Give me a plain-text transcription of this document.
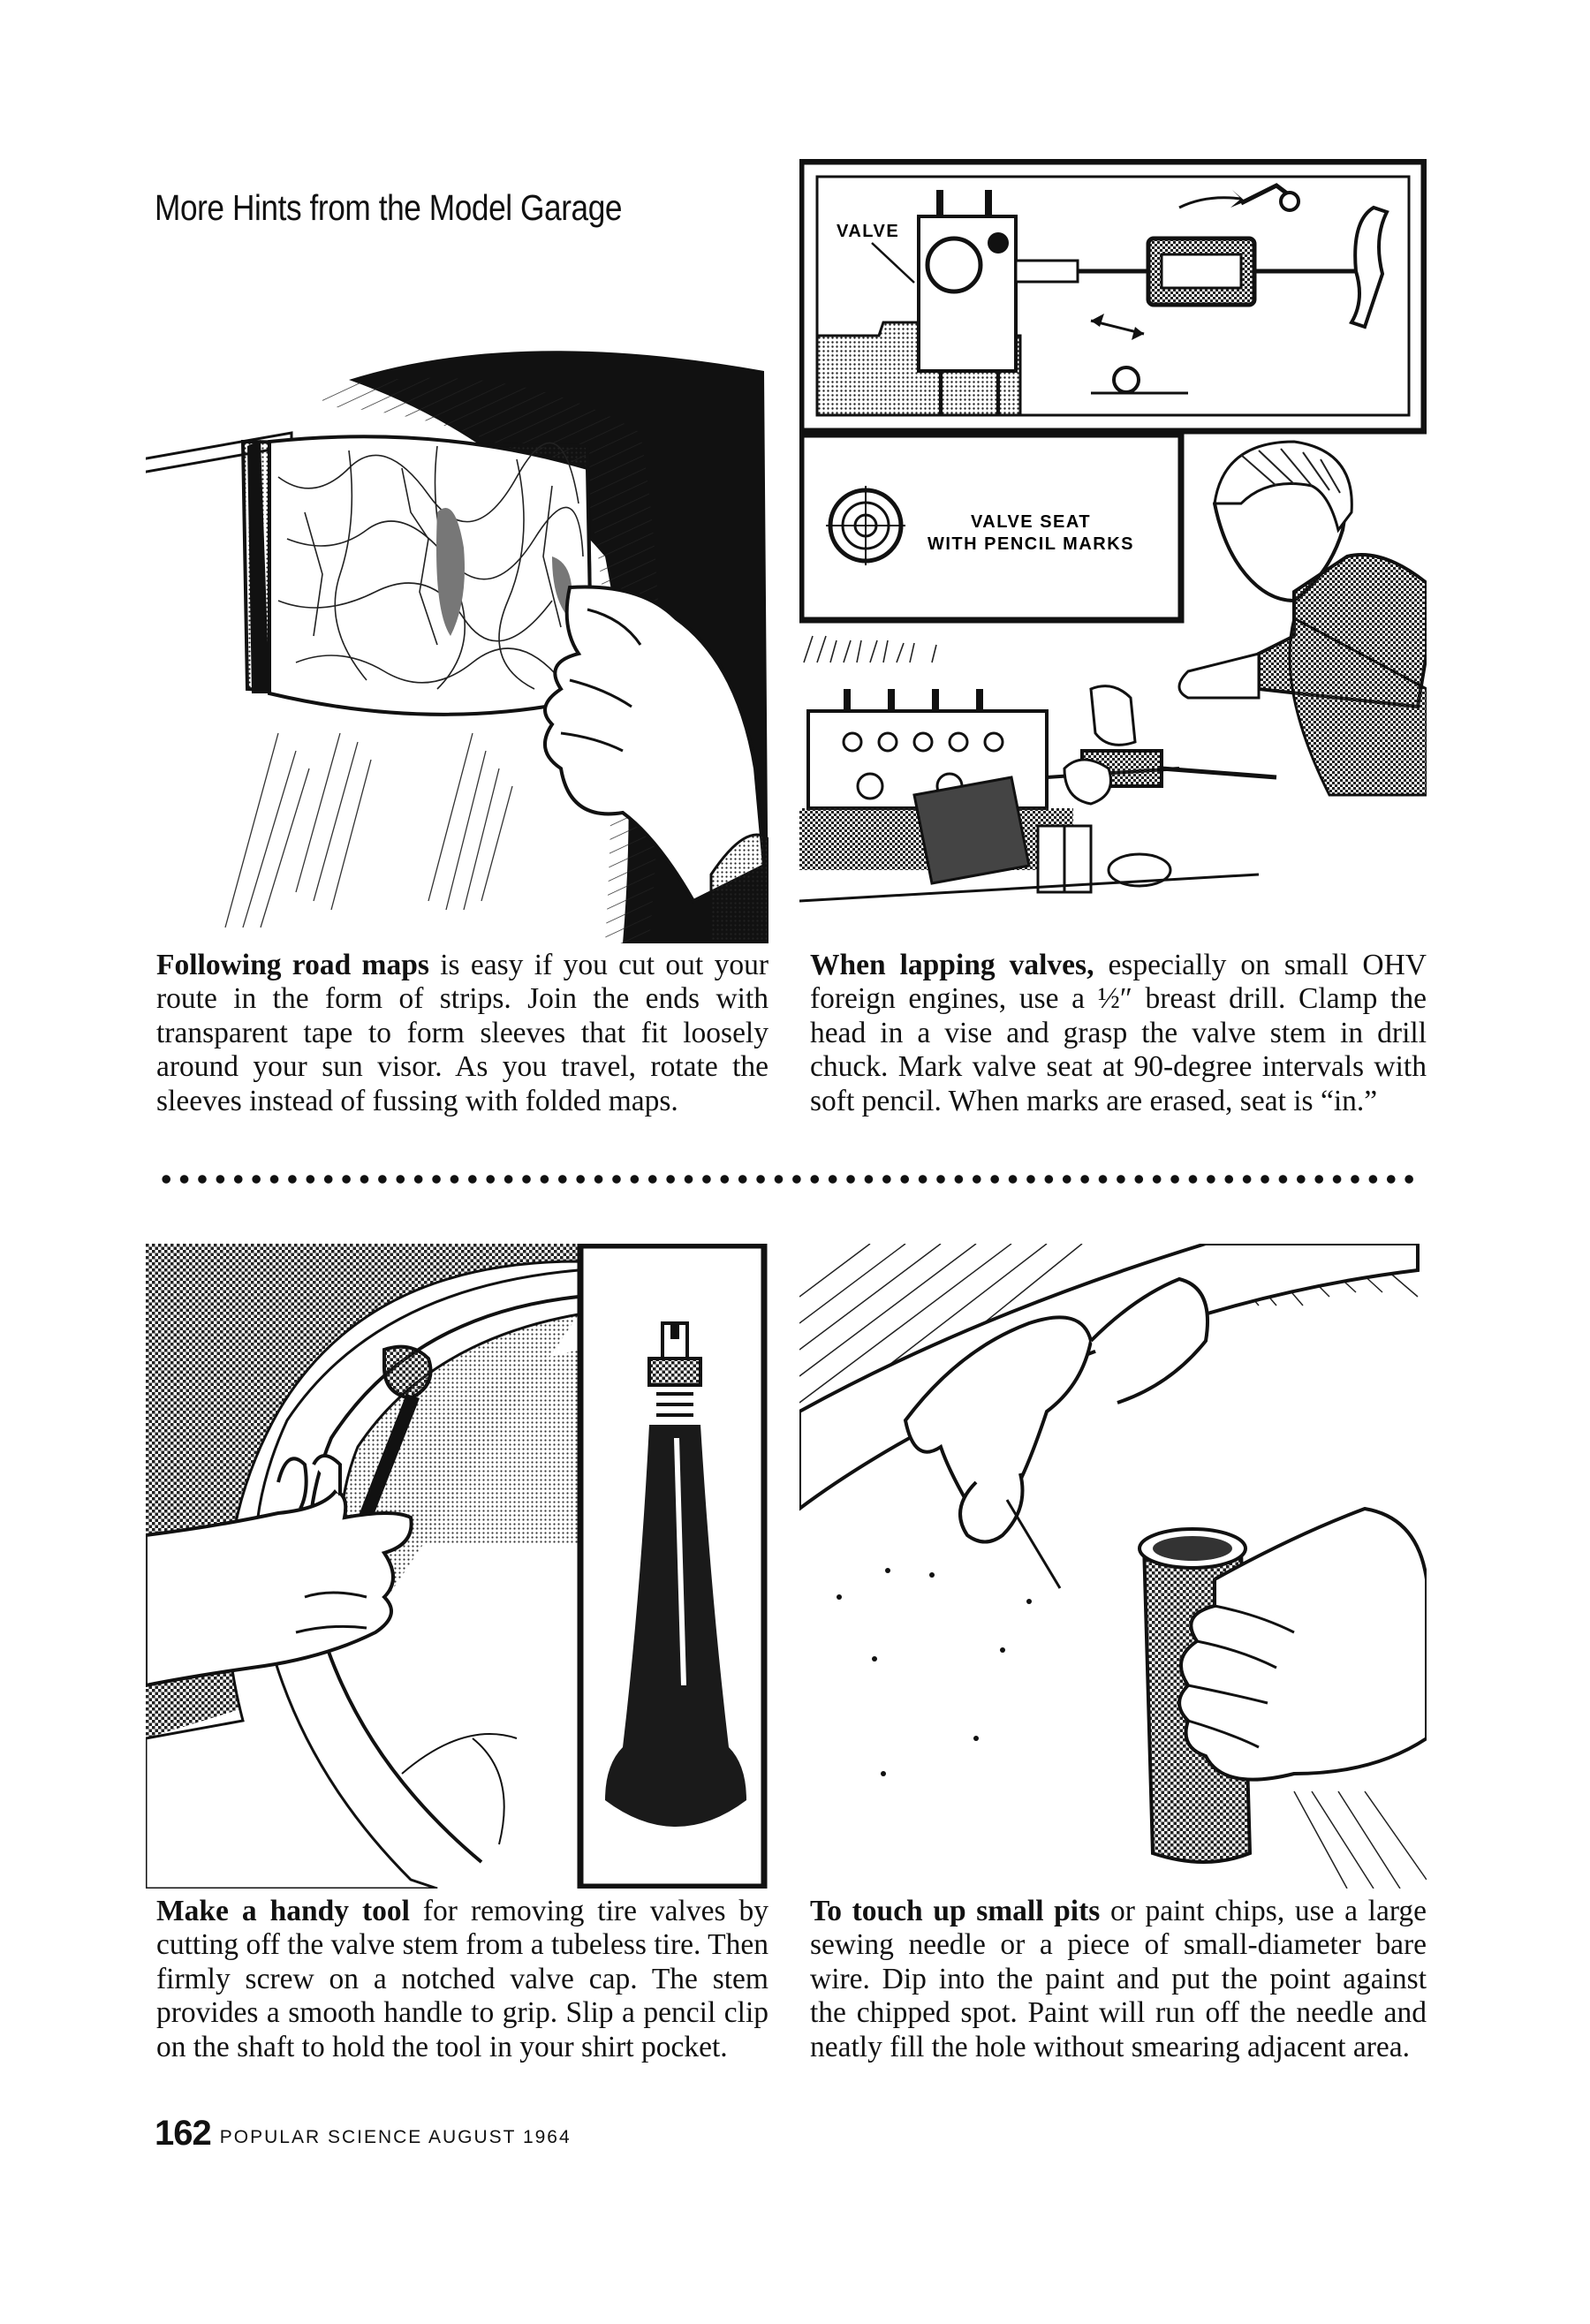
More Hints from the Model Garage
VALVE
VALVE SEAT
WITH PENCIL MARKS
Following road maps is easy if you cut out your route in the form of strips. Join the ends with transparent tape to form sleeves that fit loosely around your sun visor. As you travel, rotate the sleeves instead of fussing with folded maps.
When lapping valves, especially on small OHV foreign engines, use a ½″ breast drill. Clamp the head in a vise and grasp the valve stem in drill chuck. Mark valve seat at 90-degree intervals with soft pencil. When marks are erased, seat is “in.”
Make a handy tool for removing tire valves by cutting off the valve stem from a tubeless tire. Then firmly screw on a notched valve cap. The stem provides a smooth handle to grip. Slip a pencil clip on the shaft to hold the tool in your shirt pocket.
To touch up small pits or paint chips, use a large sewing needle or a piece of small-diameter bare wire. Dip into the paint and put the point against the chipped spot. Paint will run off the needle and neatly fill the hole without smearing adjacent area.
162 POPULAR SCIENCE AUGUST 1964
